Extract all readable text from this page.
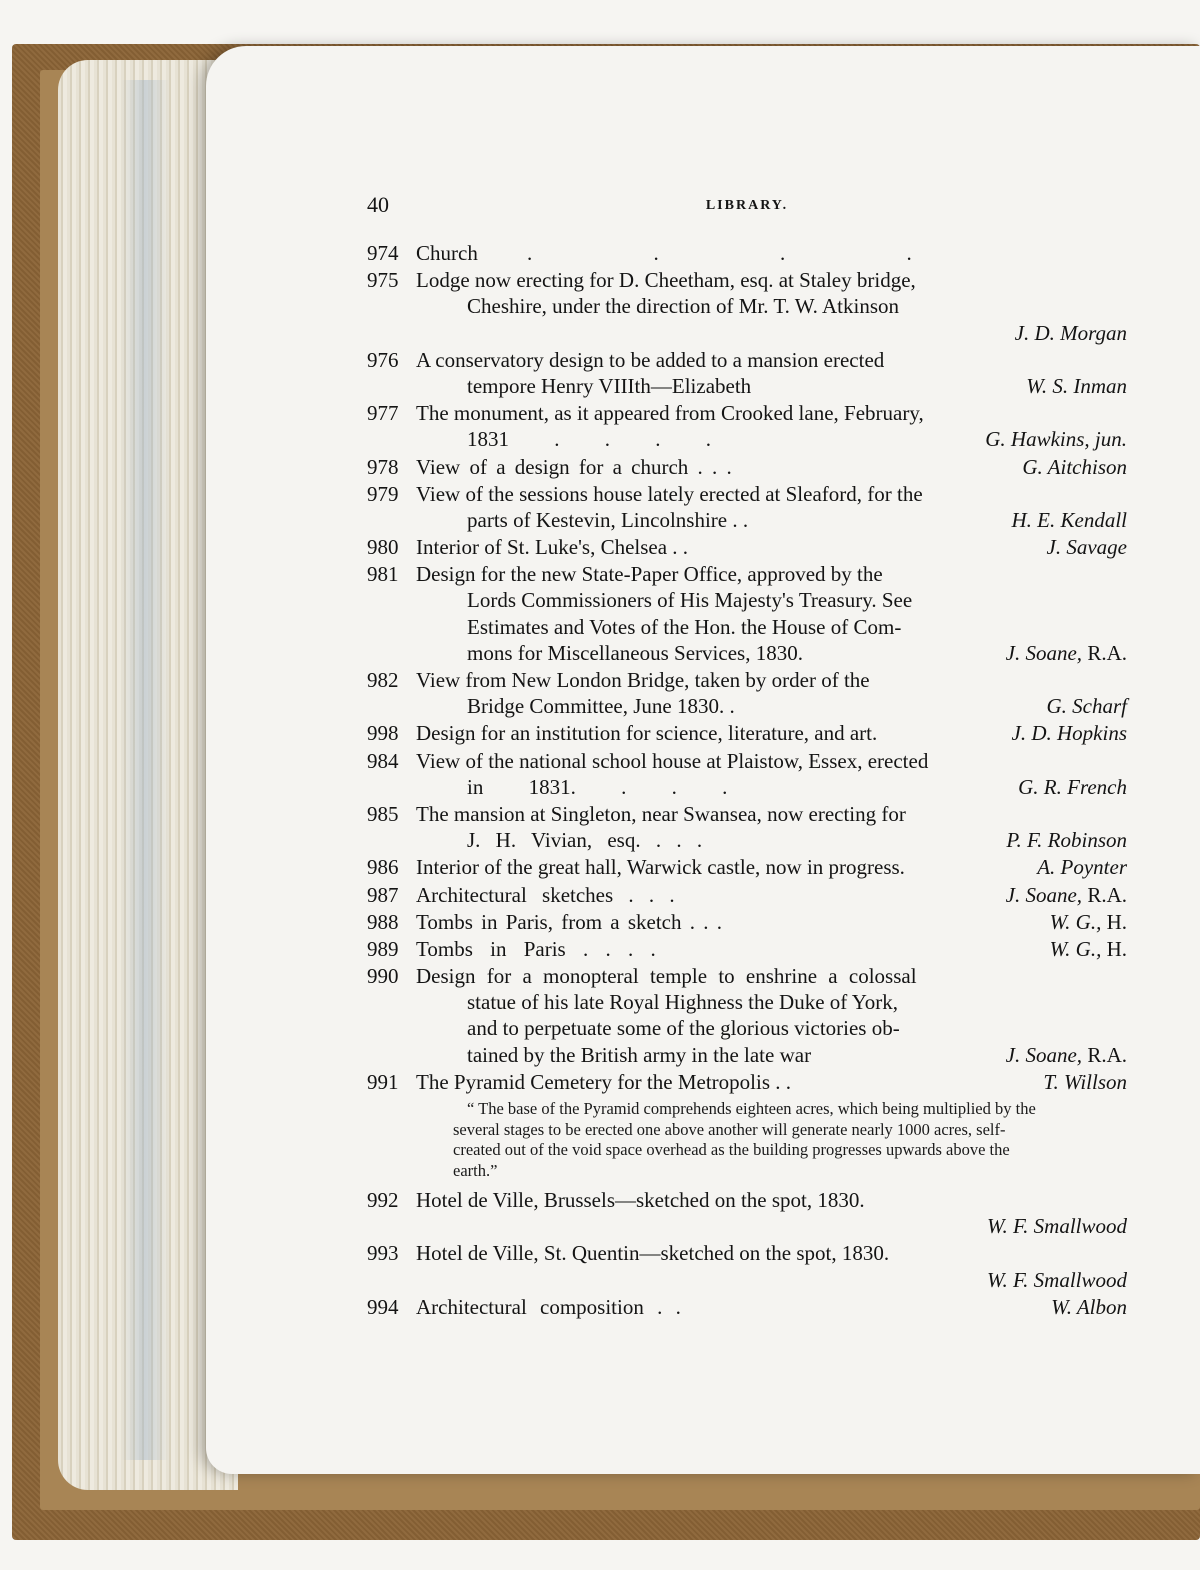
40	LIBRARY.
974 Church . . . .
975 Lodge now erecting for D. Cheetham, esq. at Staley bridge,
Cheshire, under the direction of Mr. T. W. Atkinson
J. D. Morgan
976 A conservatory design to be added to a mansion erected
tempore Henry VIIIth—Elizabeth	W. S. Inman
977 The monument, as it appeared from Crooked lane, February,
1831 . . . .	G. Hawkins, jun.
978 View of a design for a church . . .	G. Aitchison
979 View of the sessions house lately erected at Sleaford, for the
parts of Kestevin, Lincolnshire . .	H. E. Kendall
980 Interior of St. Luke's, Chelsea . .	J. Savage
981 Design for the new State-Paper Office, approved by the
Lords Commissioners of His Majesty's Treasury. See
Estimates and Votes of the Hon. the House of Com-
mons for Miscellaneous Services, 1830.	J. Soane, R.A.
982 View from New London Bridge, taken by order of the
Bridge Committee, June 1830. .	G. Scharf
998 Design for an institution for science, literature, and art.	J. D. Hopkins
984 View of the national school house at Plaistow, Essex, erected
in 1831. . . .	G. R. French
985 The mansion at Singleton, near Swansea, now erecting for
J. H. Vivian, esq. . . .	P. F. Robinson
986 Interior of the great hall, Warwick castle, now in progress.	A. Poynter
987 Architectural sketches . . .	J. Soane, R.A.
988 Tombs in Paris, from a sketch . . .	W. G., H.
989 Tombs in Paris . . . .	W. G., H.
990 Design for a monopteral temple to enshrine a colossal
statue of his late Royal Highness the Duke of York,
and to perpetuate some of the glorious victories ob-
tained by the British army in the late war	J. Soane, R.A.
991 The Pyramid Cemetery for the Metropolis . .	T. Willson
“ The base of the Pyramid comprehends eighteen acres, which being multiplied by the several stages to be erected one above another will generate nearly 1000 acres, self-created out of the void space overhead as the building progresses upwards above the earth.”
992 Hotel de Ville, Brussels—sketched on the spot, 1830.
W. F. Smallwood
993 Hotel de Ville, St. Quentin—sketched on the spot, 1830.
W. F. Smallwood
994 Architectural composition . .	W. Albon
